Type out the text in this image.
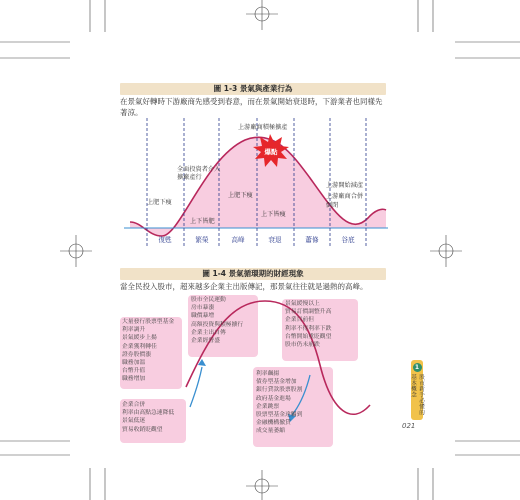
圖 1-3 景氣與產業行為
在景氣好轉時下游廠商先感受到春意，而在景氣開始衰退時，下游業者也同樣先著涼。
爆點
上游廠商積極擴產
全面投資者介入
擴廠產行
上肥下瘦
上下皆肥
上肥下瘦
上下皆瘦
上游開始減產
上游廠商合併
倒閉
復甦	繁榮	高峰	衰退	蕭條	谷底
圖 1-4 景氣循環期的財經現象
當全民投入股市，超來越多企業主出版傳記，那景氣往往就是過熱的高峰。
大量發行股票型基金
利率調升
景氣緩步上揚
企業獲利轉佳
證券股價漲
職務加溫
台幣升值
職務增加
股市全民運動
房市暴漲
職價暴增
高額投資與積極擴行
企業主出自傳
企業經營盛
景氣緩慢以上
貿易訂價調整升高
企業目前但
利率不得利率下跌
台幣開始重貶觀望
股市仍未崩跌
企業合併
利率由高點急速降低
景氣低迷
貿易收銷貶觀望
利率飆揚
債券型基金增加
銀行貸款股票股割
政府基金進場
企業跳票
股票型基金達觸到
金融機構撤貸
成交量萎縮
1
股市新手必懂的基本概念
021
